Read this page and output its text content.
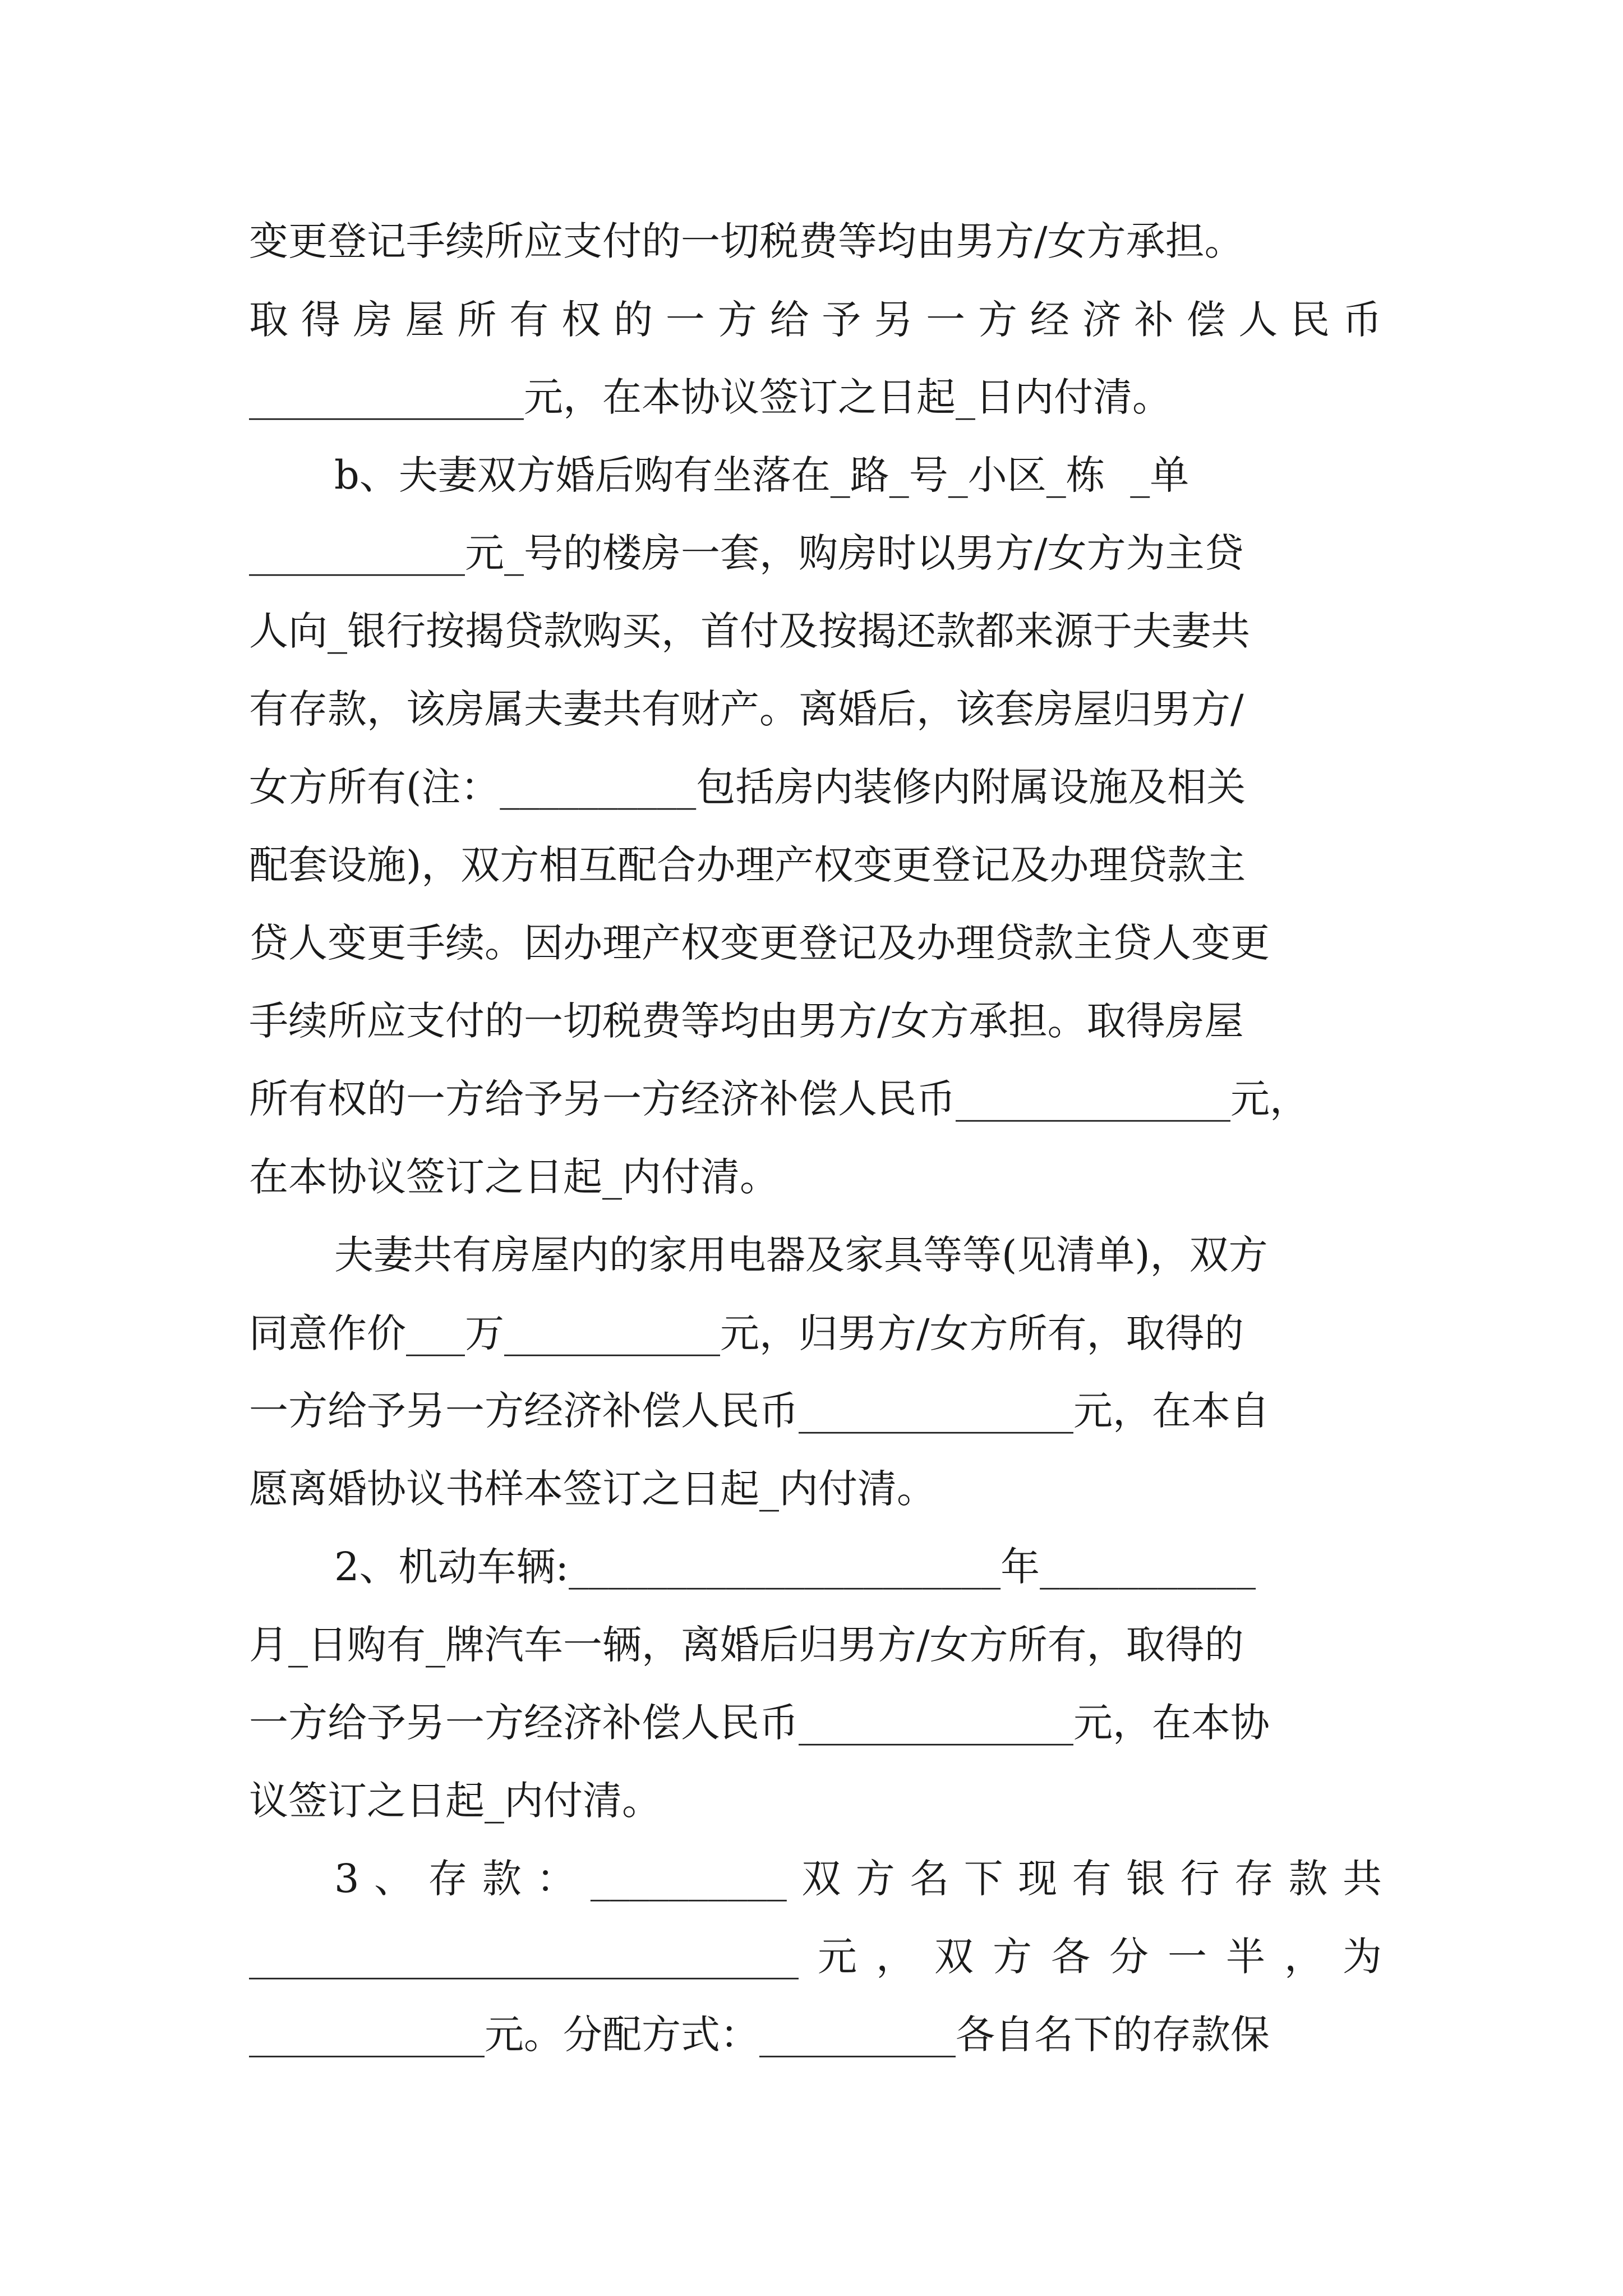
变更登记手续所应支付的一切税费等均由男方/女方承担。
取得房屋所有权的一方给予另一方经济补偿人民币
______________元，在本协议签订之日起_日内付清。
b、夫妻双方婚后购有坐落在_路_号_小区_栋  _单
___________元_号的楼房一套，购房时以男方/女方为主贷
人向_银行按揭贷款购买，首付及按揭还款都来源于夫妻共
有存款，该房属夫妻共有财产。离婚后，该套房屋归男方/
女方所有(注：__________包括房内装修内附属设施及相关
配套设施)，双方相互配合办理产权变更登记及办理贷款主
贷人变更手续。因办理产权变更登记及办理贷款主贷人变更
手续所应支付的一切税费等均由男方/女方承担。取得房屋
所有权的一方给予另一方经济补偿人民币______________元，
在本协议签订之日起_内付清。
夫妻共有房屋内的家用电器及家具等等(见清单)，双方
同意作价___万___________元，归男方/女方所有，取得的
一方给予另一方经济补偿人民币______________元，在本自
愿离婚协议书样本签订之日起_内付清。
2、机动车辆:______________________年___________
月_日购有_牌汽车一辆，离婚后归男方/女方所有，取得的
一方给予另一方经济补偿人民币______________元，在本协
议签订之日起_内付清。
3、存款：__________双方名下现有银行存款共
____________________________元，双方各分一半，为
____________元。分配方式：__________各自名下的存款保
